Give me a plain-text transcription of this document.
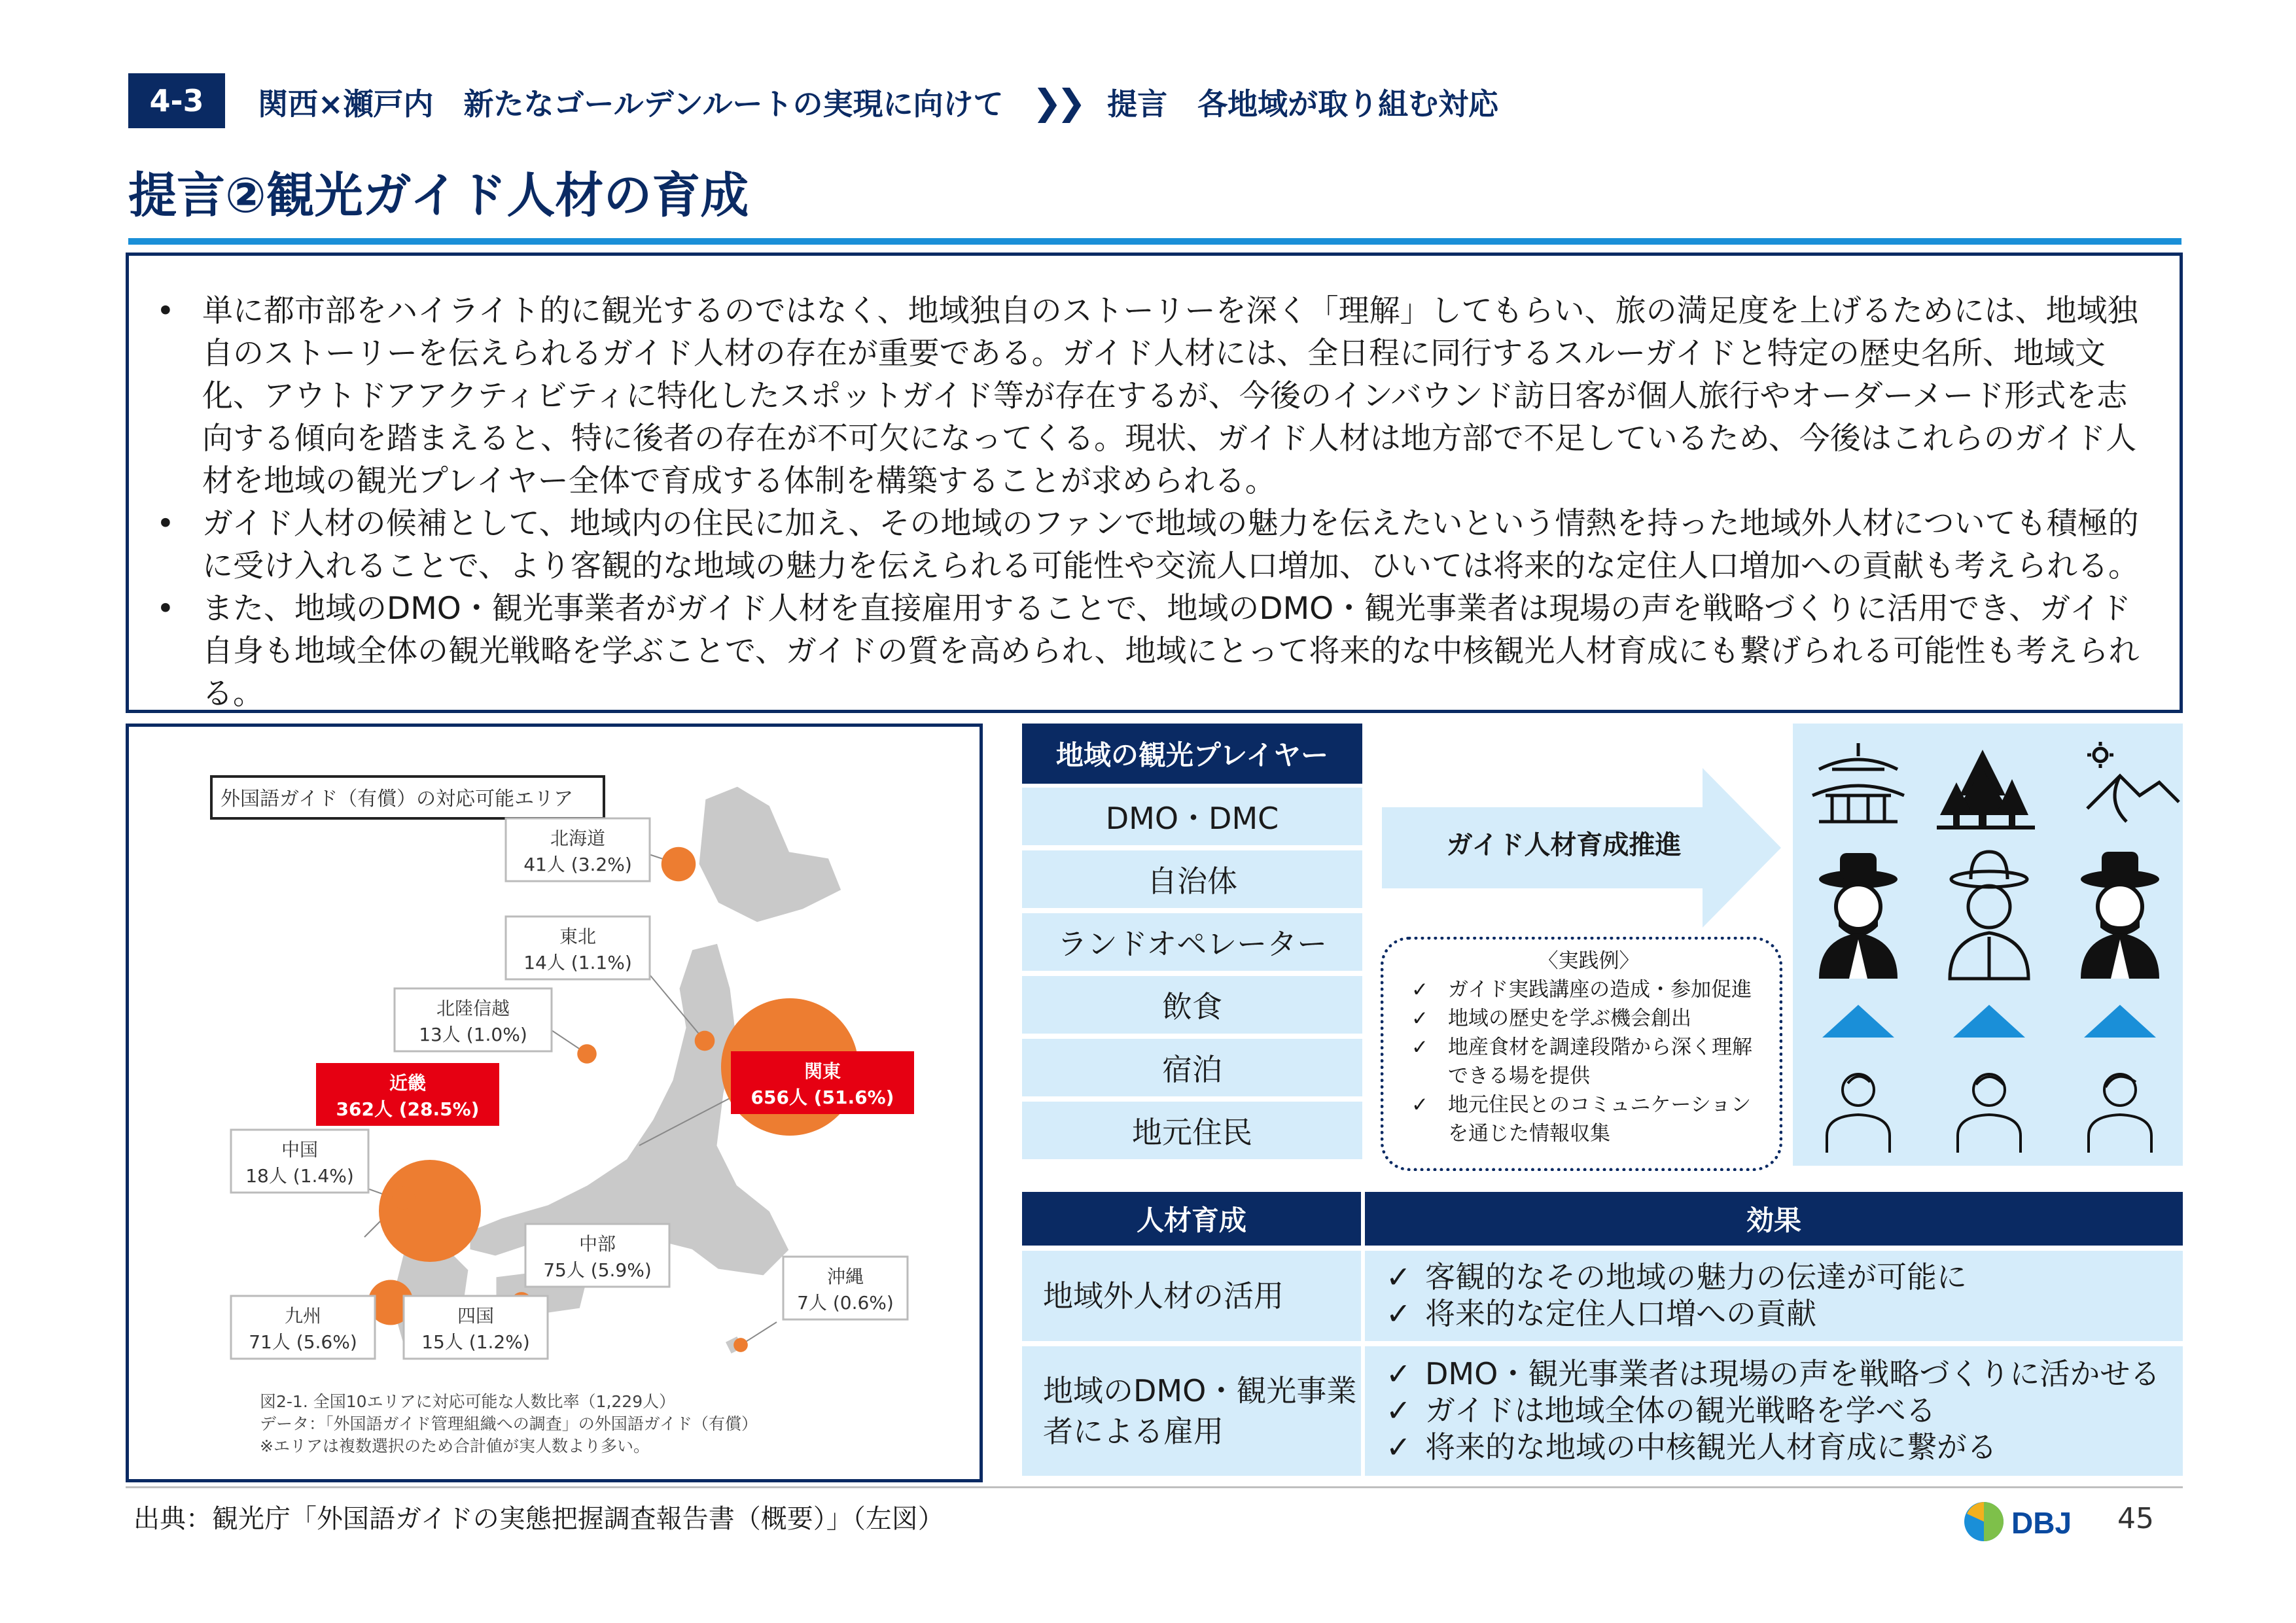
4-3	関西×瀬戸内　新たなゴールデンルートの実現に向けて ❯❯ 提言　各地域が取り組む対応
提言②観光ガイド人材の育成
• 単に都市部をハイライト的に観光するのではなく、地域独自のストーリーを深く「理解」してもらい、旅の満足度を上げるためには、地域独自のストーリーを伝えられるガイド人材の存在が重要である。ガイド人材には、全日程に同行するスルーガイドと特定の歴史名所、地域文化、アウトドアアクティビティに特化したスポットガイド等が存在するが、今後のインバウンド訪日客が個人旅行やオーダーメード形式を志向する傾向を踏まえると、特に後者の存在が不可欠になってくる。現状、ガイド人材は地方部で不足しているため、今後はこれらのガイド人材を地域の観光プレイヤー全体で育成する体制を構築することが求められる。
• ガイド人材の候補として、地域内の住民に加え、その地域のファンで地域の魅力を伝えたいという情熱を持った地域外人材についても積極的に受け入れることで、より客観的な地域の魅力を伝えられる可能性や交流人口増加、ひいては将来的な定住人口増加への貢献も考えられる。
• また、地域のDMO・観光事業者がガイド人材を直接雇用することで、地域のDMO・観光事業者は現場の声を戦略づくりに活用でき、ガイド自身も地域全体の観光戦略を学ぶことで、ガイドの質を高められ、地域にとって将来的な中核観光人材育成にも繋げられる可能性も考えられる。
外国語ガイド（有償）の対応可能エリア
北海道
41人 (3.2%)
東北
14人 (1.1%)
北陸信越
13人 (1.0%)
近畿
362人 (28.5%)
関東
656人 (51.6%)
中国
18人 (1.4%)
中部
75人 (5.9%)	沖縄
7人 (0.6%)
九州
71人 (5.6%)
四国
15人 (1.2%)
図2-1. 全国10エリアに対応可能な人数比率（1,229人）
データ：「外国語ガイド管理組織への調査」の外国語ガイド（有償）
※エリアは複数選択のため合計値が実人数より多い。
地域の観光プレイヤー
DMO・DMC
自治体
ランドオペレーター
飲食
宿泊
地元住民
ガイド人材育成推進
〈実践例〉
✓ ガイド実践講座の造成・参加促進
✓ 地域の歴史を学ぶ機会創出
✓ 地産食材を調達段階から深く理解できる場を提供
✓ 地元住民とのコミュニケーションを通じた情報収集
人材育成	効果
地域外人材の活用
✓ 客観的なその地域の魅力の伝達が可能に
✓ 将来的な定住人口増への貢献
地域のDMO・観光事業者による雇用
✓ DMO・観光事業者は現場の声を戦略づくりに活かせる
✓ ガイドは地域全体の観光戦略を学べる
✓ 将来的な地域の中核観光人材育成に繋がる
出典：観光庁「外国語ガイドの実態把握調査報告書（概要）」（左図）	DBJ 45
